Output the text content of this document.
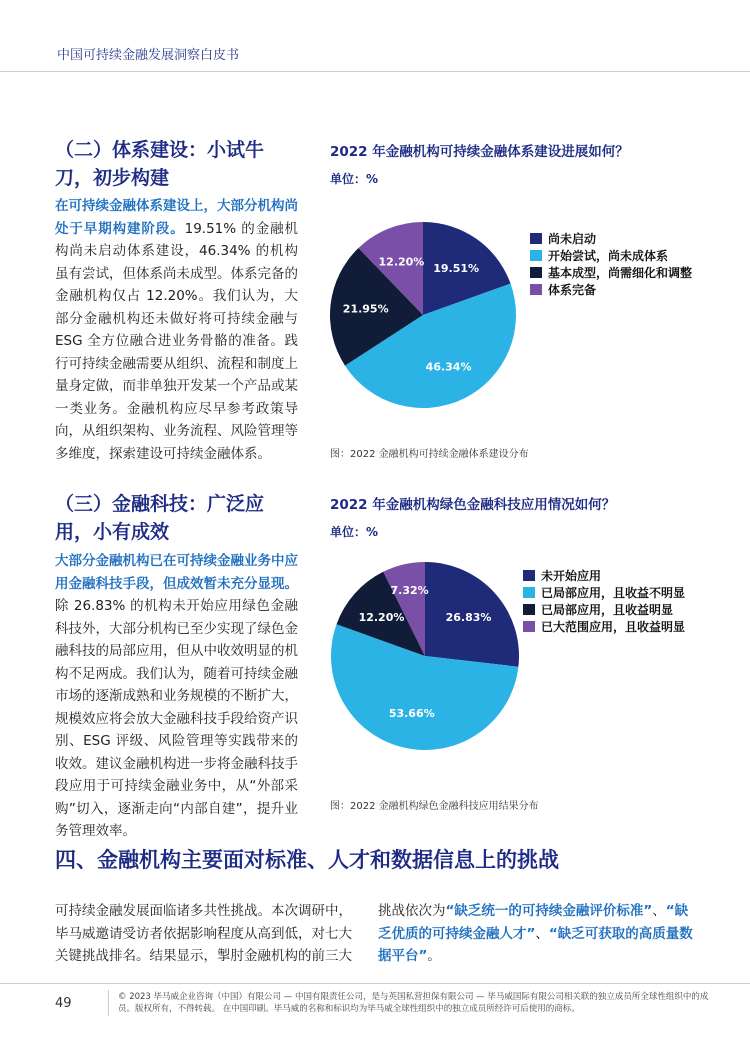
中国可持续金融发展洞察白皮书
（二）体系建设：小试牛刀，初步构建
在可持续金融体系建设上，大部分机构尚处于早期构建阶段。19.51% 的金融机构尚未启动体系建设，46.34% 的机构虽有尝试，但体系尚未成型。体系完备的金融机构仅占 12.20%。我们认为，大部分金融机构还未做好将可持续金融与 ESG 全方位融合进业务骨骼的准备。践行可持续金融需要从组织、流程和制度上量身定做，而非单独开发某一个产品或某一类业务。金融机构应尽早参考政策导向，从组织架构、业务流程、风险管理等多维度，探索建设可持续金融体系。
2022 年金融机构可持续金融体系建设进展如何？
单位：%
19.51%
46.34%
21.95%
12.20%
尚未启动
开始尝试，尚未成体系
基本成型，尚需细化和调整
体系完备
图：2022 金融机构可持续金融体系建设分布
（三）金融科技：广泛应用，小有成效
大部分金融机构已在可持续金融业务中应用金融科技手段，但成效暂未充分显现。除 26.83% 的机构未开始应用绿色金融科技外，大部分机构已至少实现了绿色金融科技的局部应用，但从中收效明显的机构不足两成。我们认为，随着可持续金融市场的逐渐成熟和业务规模的不断扩大，规模效应将会放大金融科技手段给资产识别、ESG 评级、风险管理等实践带来的收效。建议金融机构进一步将金融科技手段应用于可持续金融业务中，从“外部采购”切入，逐渐走向“内部自建”，提升业务管理效率。
2022 年金融机构绿色金融科技应用情况如何？
单位：%
26.83%
53.66%
12.20%
7.32%
未开始应用
已局部应用，且收益不明显
已局部应用，且收益明显
已大范围应用，且收益明显
图：2022 金融机构绿色金融科技应用结果分布
四、金融机构主要面对标准、人才和数据信息上的挑战
可持续金融发展面临诸多共性挑战。本次调研中，毕马威邀请受访者依据影响程度从高到低，对七大关键挑战排名。结果显示，掣肘金融机构的前三大
挑战依次为“缺乏统一的可持续金融评价标准”、“缺乏优质的可持续金融人才”、“缺乏可获取的高质量数据平台”。
49	© 2023 毕马威企业咨询（中国）有限公司 — 中国有限责任公司，是与英国私营担保有限公司 — 毕马威国际有限公司相关联的独立成员所全球性组织中的成员。版权所有，不得转载。 在中国印刷。毕马威的名称和标识均为毕马威全球性组织中的独立成员所经许可后使用的商标。
